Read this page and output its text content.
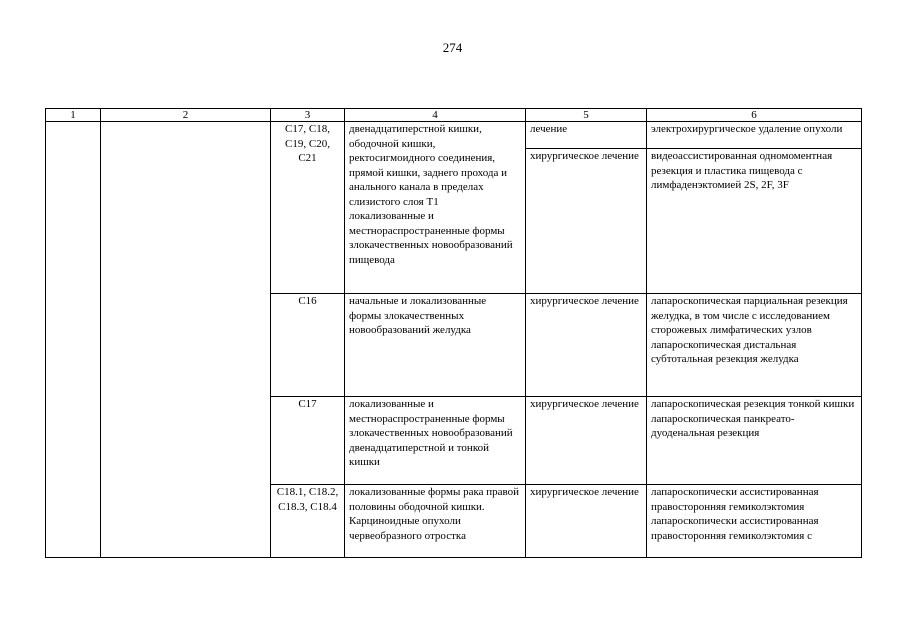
274
1	2	3	4	5	6
		C17, C18, C19, C20, C21	двенадцатиперстной кишки, ободочной кишки, ректосигмоидного соединения, прямой кишки, заднего прохода и анального канала в пределах слизистого слоя T1

локализованные и местнораспространенные формы злокачественных новообразований пищевода	лечение	электрохирургическое удаление опухоли

				хирургическое лечение	видеоассистированная одномоментная резекция и пластика пищевода с лимфаденэктомией 2S, 2F, 3F

		C16	начальные и локализованные формы злокачественных новообразований желудка	хирургическое лечение	лапароскопическая парциальная резекция желудка, в том числе с исследованием сторожевых лимфатических узлов

лапароскопическая дистальная субтотальная резекция желудка

		C17	локализованные и местнораспространенные формы злокачественных новообразований двенадцатиперстной и тонкой кишки	хирургическое лечение	лапароскопическая резекция тонкой кишки

лапароскопическая панкреато-дуоденальная резекция

		C18.1, C18.2, C18.3, C18.4	локализованные формы рака правой половины ободочной кишки. Карциноидные опухоли червеобразного отростка	хирургическое лечение	лапароскопически ассистированная правосторонняя гемиколэктомия

лапароскопически ассистированная правосторонняя гемиколэктомия с
